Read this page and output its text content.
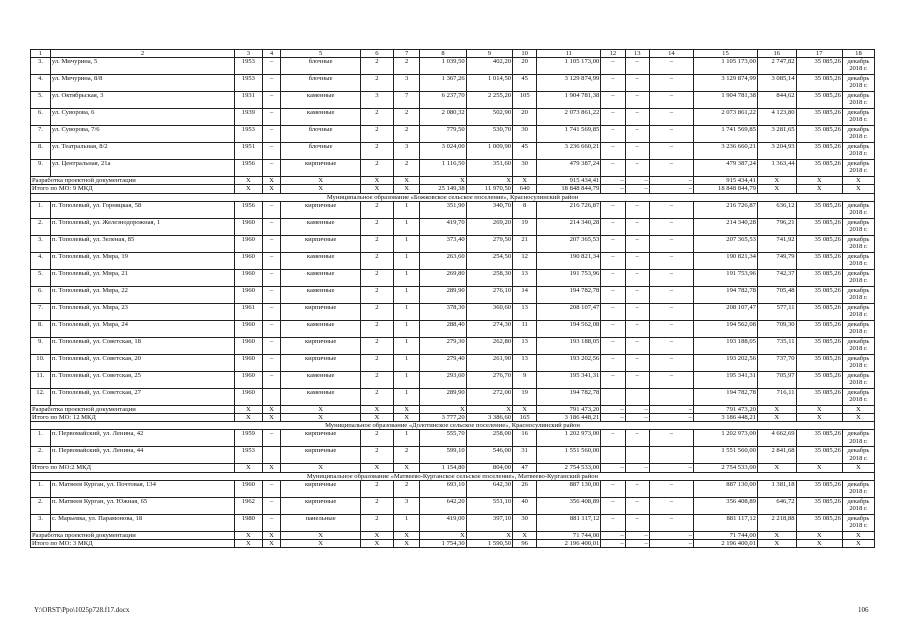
1	2	3	4	5	6	7	8	9	10	11	12	13	14	15	16	17	18
3.	ул. Мичурина, 5	1953	–	блочные	2	2	1 039,50	402,20	20	1 105 173,00	–	–	–	1 105 173,00	2 747,82	35 085,26	декабрь 2018 г.
4.	ул. Мичурина, 8/8	1953	–	блочные	2	3	1 367,26	1 014,50	45	3 129 874,99	–	–	–	3 129 874,99	3 085,14	35 085,26	декабрь 2018 г.
5.	ул. Октябрьская, 3	1931	–	каменные	3	7	6 237,70	2 255,20	105	1 904 781,38	–	–	–	1 904 781,38	844,62	35 085,26	декабрь 2018 г.
6.	ул. Суворова, 6	1939	–	каменные	2	2	2 080,32	502,90	20	2 073 861,22	–	–	–	2 073 861,22	4 123,80	35 085,26	декабрь 2018 г.
7.	ул. Суворова, 7/6	1953	–	блочные	2	2	779,50	530,70	30	1 741 569,85	–	–	–	1 741 569,85	3 281,65	35 085,26	декабрь 2018 г.
8.	ул. Театральная, 8/2	1951	–	блочные	2	3	3 024,00	1 009,90	45	3 236 660,21	–	–	–	3 236 660,21	3 204,93	35 085,26	декабрь 2018 г.
9.	ул. Центральная, 21а	1956	–	кирпичные	2	2	1 116,50	351,60	30	479 387,24	–	–	–	479 387,24	1 363,44	35 085,26	декабрь 2018 г.
Разработка проектной документации		Х	Х	Х	Х	Х	Х	Х	Х	915 434,41	–	–	–	915 434,41	Х	Х	Х
Итого по МО: 9 МКД		Х	Х	Х	Х	Х	25 149,38	11 970,50	640	18 848 844,79	–	–	–	18 848 844,79	Х	Х	Х
Муниципальное образование «Божковское сельское поселение», Красносулинский район																	
1.	п. Тополевый, ул. Горняцкая, 58	1956	–	кирпичные	2	1	351,90	340,70	8	216 726,87	–	–	–	216 726,87	636,12	35 085,26	декабрь 2018 г.
2.	п. Тополевый, ул. Железнодорожная, 1	1960	–	каменные	2	1	419,70	269,20	19	214 340,28	–	–	–	214 340,28	796,21	35 085,26	декабрь 2018 г.
3.	п. Тополевый, ул. Зеленая, 85	1960	–	кирпичные	2	1	373,40	279,50	21	207 365,53	–	–	–	207 365,53	741,92	35 085,26	декабрь 2018 г.
4.	п. Тополевый, ул. Мира, 19	1960	–	каменные	2	1	263,60	254,50	12	190 821,34	–	–	–	190 821,34	749,79	35 085,26	декабрь 2018 г.
5.	п. Тополевый, ул. Мира, 21	1960	–	каменные	2	1	269,80	258,30	13	191 753,96	–	–	–	191 753,96	742,37	35 085,26	декабрь 2018 г.
6.	п. Тополевый, ул. Мира, 22	1960	–	каменные	2	1	289,90	276,10	14	194 782,78	–	–	–	194 782,78	705,48	35 085,26	декабрь 2018 г.
7.	п. Тополевый, ул. Мира, 23	1961	–	кирпичные	2	1	378,30	360,60	13	208 107,47	–	–	–	208 107,47	577,11	35 085,26	декабрь 2018 г.
8.	п. Тополевый, ул. Мира, 24	1960	–	каменные	2	1	288,40	274,30	11	194 562,08	–	–	–	194 562,08	709,30	35 085,26	декабрь 2018 г.
9.	п. Тополевый, ул. Советская, 18	1960	–	кирпичные	2	1	279,30	262,80	13	193 188,05	–	–	–	193 188,05	735,11	35 085,26	декабрь 2018 г.
10.	п. Тополевый, ул. Советская, 20	1960	–	кирпичные	2	1	279,40	261,90	13	193 202,56	–	–	–	193 202,56	737,70	35 085,26	декабрь 2018 г.
11.	п. Тополевый, ул. Советская, 25	1960	–	каменные	2	1	293,60	276,70	9	195 341,31	–	–	–	195 341,31	705,97	35 085,26	декабрь 2018 г.
12.	п. Тополевый, ул. Советская, 27	1960		каменные	2	1	289,90	272,00	19	194 782,78				194 782,78	716,11	35 085,26	декабрь 2018 г.
Разработка проектной документации		Х	Х	Х	Х	Х	Х	Х	Х	791 473,20	–	–	–	791 473,20	Х	Х	Х
Итого по МО: 12 МКД		Х	Х	Х	Х	Х	3 777,20	3 386,60	165	3 186 448,21	–	–	–	3 186 448,21	Х	Х	Х
Муниципальное образование «Долотинское сельское поселение», Красносулинский район																	
1.	п. Первомайский, ул. Ленина, 42	1959	–	кирпичные	2	1	555,70	258,00	16	1 202 973,00	–	–	–	1 202 973,00	4 662,69	35 085,26	декабрь 2018 г.
2.	п. Первомайский, ул. Ленина, 44	1953		кирпичные	2	2	599,10	546,00	31	1 551 560,00				1 551 560,00	2 841,68	35 085,26	декабрь 2018 г.
Итого по МО:2 МКД		Х	Х	Х	Х	Х	1 154,80	804,00	47	2 754 533,00	–	–	–	2 754 533,00	Х	Х	Х
Муниципальное образование «Матвеево-Курганское сельское поселение», Матвеево-Курганский район																	
1.	п. Матвеев Курган, ул. Почтовая, 134	1960	–	кирпичные	2	2	693,10	642,30	26	887 130,00	–	–	–	887 130,00	1 381,18	35 085,26	декабрь 2018 г.
2.	п. Матвеев Курган, ул. Южная, 65	1962	–	кирпичные	2	3	642,20	551,10	40	356 408,89	–	–	–	356 408,89	646,72	35 085,26	декабрь 2018 г.
3.	с. Марьевка, ул. Парамонова, 18	1980	–	панельные	2	1	419,00	397,10	30	881 117,12	–	–	–	881 117,12	2 218,88	35 085,26	декабрь 2018 г.
Разработка проектной документации		Х	Х	Х	Х	Х	Х	Х	Х	71 744,00	–	–	–	71 744,00	Х	Х	Х
Итого по МО: 3 МКД		Х	Х	Х	Х	Х	1 754,30	1 590,50	96	2 196 400,01	–	–	–	2 196 400,01	Х	Х	Х
Y:\ORST\Ppo\1025p728.f17.docx	106
